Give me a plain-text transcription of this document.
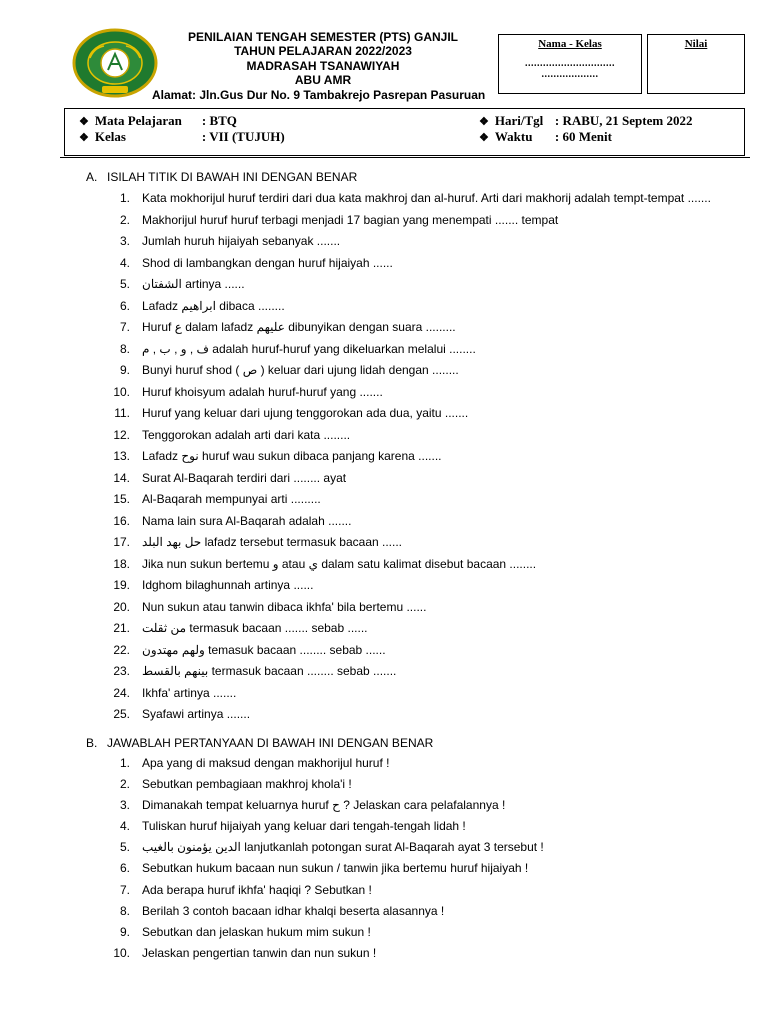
PENILAIAN TENGAH SEMESTER (PTS) GANJIL
TAHUN PELAJARAN 2022/2023
MADRASAH TSANAWIYAH
ABU AMR
Alamat: Jln.Gus Dur No. 9 Tambakrejo Pasrepan Pasuruan
Nama - Kelas
..............................
...................
Nilai
❖ Mata Pelajaran : BTQ
❖ Kelas	: VII (TUJUH)
❖ Hari/Tgl : RABU, 21 Septem 2022
❖ Waktu : 60 Menit
A. ISILAH TITIK DI BAWAH INI DENGAN BENAR
1. Kata mokhorijul huruf terdiri dari dua kata makhroj dan al-huruf. Arti dari makhorij adalah tempt-tempat .......
2. Makhorijul huruf huruf terbagi menjadi 17 bagian yang menempati ....... tempat
3. Jumlah huruh hijaiyah sebanyak .......
4. Shod di lambangkan dengan huruf hijaiyah ......
5. الشفتان artinya ......
6. Lafadz ابراهيم dibaca ........
7. Huruf ع dalam lafadz عليهم dibunyikan dengan suara .........
8. ف , و , ب , م adalah huruf-huruf yang dikeluarkan melalui ........
9. Bunyi huruf shod ( ص ) keluar dari ujung lidah dengan ........
10. Huruf khoisyum adalah huruf-huruf yang .......
11. Huruf yang keluar dari ujung tenggorokan ada dua, yaitu .......
12. Tenggorokan adalah arti dari kata ........
13. Lafadz نوح huruf wau sukun dibaca panjang karena .......
14. Surat Al-Baqarah terdiri dari ........ ayat
15. Al-Baqarah mempunyai arti .........
16. Nama lain sura Al-Baqarah adalah .......
17. حل بهد البلد lafadz tersebut termasuk bacaan ......
18. Jika nun sukun bertemu و atau ي dalam satu kalimat disebut bacaan ........
19. Idghom bilaghunnah artinya ......
20. Nun sukun atau tanwin dibaca ikhfa' bila bertemu ......
21. من ثقلت termasuk bacaan ....... sebab ......
22. ولهم مهتدون temasuk bacaan ........ sebab ......
23. بينهم بالقسط termasuk bacaan ........ sebab .......
24. Ikhfa' artinya .......
25. Syafawi artinya .......
B. JAWABLAH PERTANYAAN DI BAWAH INI DENGAN BENAR
1. Apa yang di maksud dengan makhorijul huruf !
2. Sebutkan pembagiaan makhroj khola'i !
3. Dimanakah tempat keluarnya huruf ح ? Jelaskan cara pelafalannya !
4. Tuliskan huruf hijaiyah yang keluar dari tengah-tengah lidah !
5. الدين يؤمنون بالغيب lanjutkanlah potongan surat Al-Baqarah ayat 3 tersebut !
6. Sebutkan hukum bacaan nun sukun / tanwin jika bertemu huruf hijaiyah !
7. Ada berapa huruf ikhfa' haqiqi ? Sebutkan !
8. Berilah 3 contoh bacaan idhar khalqi beserta alasannya !
9. Sebutkan dan jelaskan hukum mim sukun !
10. Jelaskan pengertian tanwin dan nun sukun !
